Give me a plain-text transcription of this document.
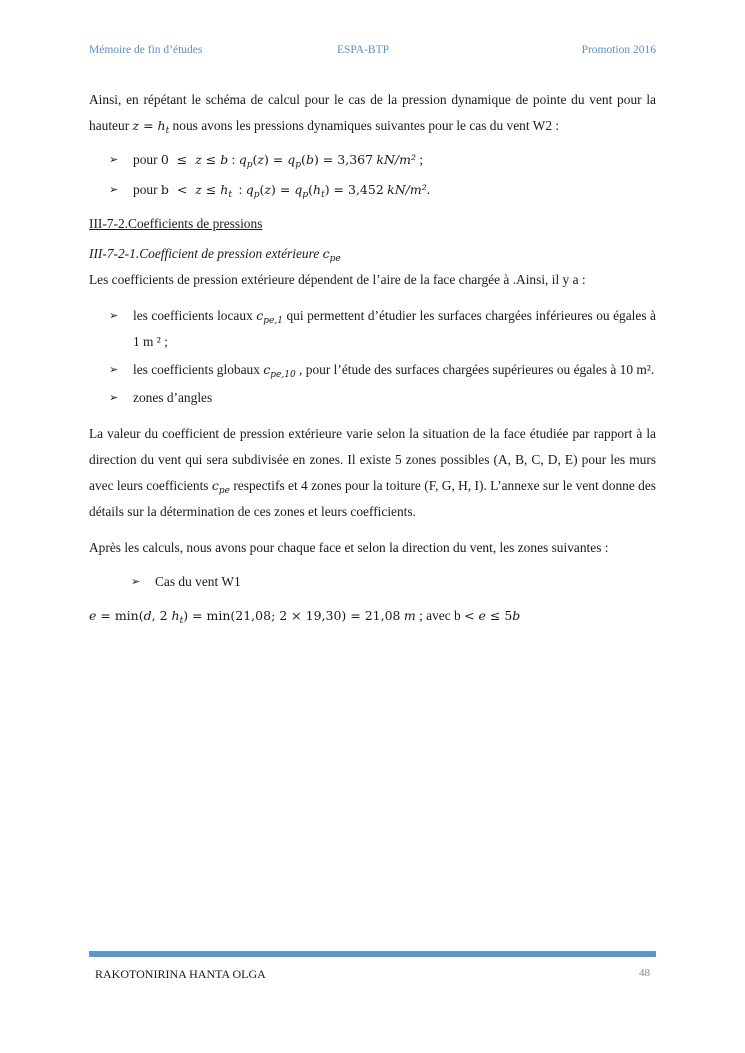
Mémoire de fin d’études	ESPA-BTP	Promotion 2016

Ainsi, en répétant le schéma de calcul pour le cas de la pression dynamique de pointe du vent pour la hauteur $z = h_t$ nous avons les pressions dynamiques suivantes pour le cas du vent W2 :

➢ pour 0  ≤  z ≤ b : $q_p(z) = q_p(b) = 3,367$ kN/m² ;
➢ pour $b < z \le h_t$  : $q_p(z) = q_p(h_t) = 3,452$ kN/m².

III-7-2.Coefficients de pressions

III-7-2-1.Coefficient de pression extérieure $c_{pe}$

Les coefficients de pression extérieure dépendent de l’aire de la face chargée à .Ainsi, il y a :

➢ les coefficients locaux $c_{pe,1}$ qui permettent d’étudier les surfaces chargées inférieures ou égales à 1 m ² ;
➢ les coefficients globaux $c_{pe,10}$ , pour l’étude des surfaces chargées supérieures ou égales à 10 m².
➢ zones d’angles

La valeur du coefficient de pression extérieure varie selon la situation de la face étudiée par rapport à la direction du vent qui sera subdivisée en zones. Il existe 5 zones possibles (A, B, C, D, E) pour les murs avec leurs coefficients $c_{pe}$ respectifs et 4 zones pour la toiture (F, G, H, I). L’annexe sur le vent donne des détails sur la détermination de ces zones et leurs coefficients.

Après les calculs, nous avons pour chaque face et selon la direction du vent, les zones suivantes :

➢ Cas du vent W1

e = min(d, 2 $h_t) = \min(21,08$; 2 × 19,30) = 21,08 m ; avec b < e ≤ 5b

RAKOTONIRINA HANTA OLGA	48
